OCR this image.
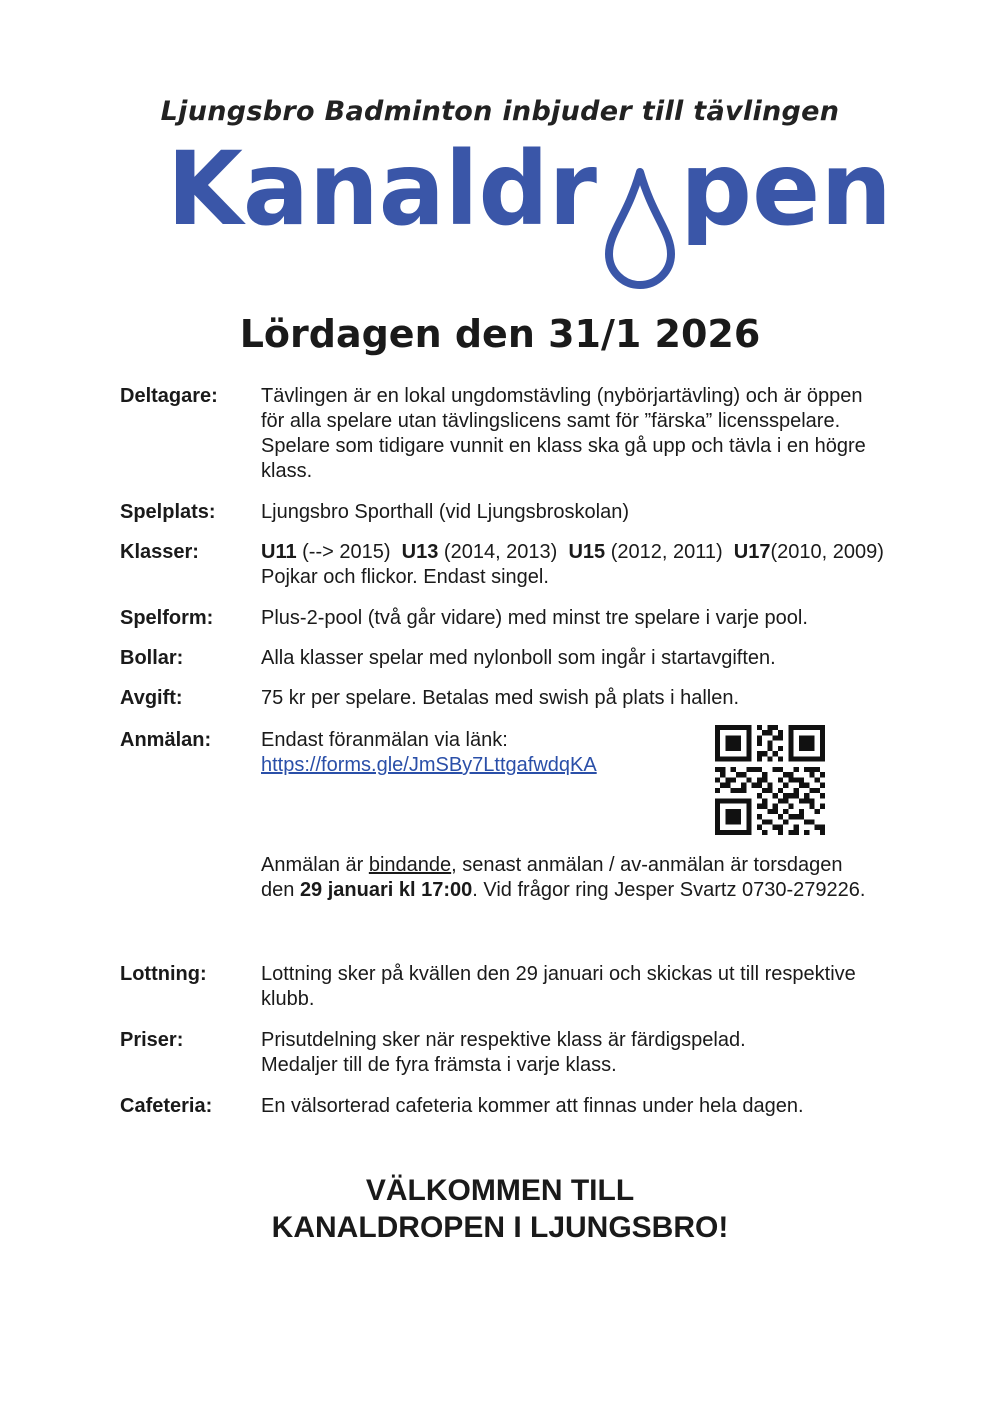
Ljungsbro Badminton inbjuder till tävlingen
Kanaldr pen
Lördagen den 31/1 2026
Deltagare: Tävlingen är en lokal ungdomstävling (nybörjartävling) och är öppen
för alla spelare utan tävlingslicens samt för ”färska” licensspelare.
Spelare som tidigare vunnit en klass ska gå upp och tävla i en högre
klass.
Spelplats: Ljungsbro Sporthall (vid Ljungsbroskolan)
Klasser:	U11 (--> 2015) U13 (2014, 2013) U15 (2012, 2011) U17(2010, 2009)
Pojkar och flickor. Endast singel.
Spelform: Plus-2-pool (två går vidare) med minst tre spelare i varje pool.
Bollar:	Alla klasser spelar med nylonboll som ingår i startavgiften.
Avgift:	75 kr per spelare. Betalas med swish på plats i hallen.
Anmälan: Endast föranmälan via länk:
https://forms.gle/JmSBy7LttgafwdqKA
Anmälan är bindande, senast anmälan / av-anmälan är torsdagen
den 29 januari kl 17:00. Vid frågor ring Jesper Svartz 0730-279226.
Lottning:	Lottning sker på kvällen den 29 januari och skickas ut till respektive
klubb.
Priser:	Prisutdelning sker när respektive klass är färdigspelad.
Medaljer till de fyra främsta i varje klass.
Cafeteria: En välsorterad cafeteria kommer att finnas under hela dagen.
VÄLKOMMEN TILL
KANALDROPEN I LJUNGSBRO!
